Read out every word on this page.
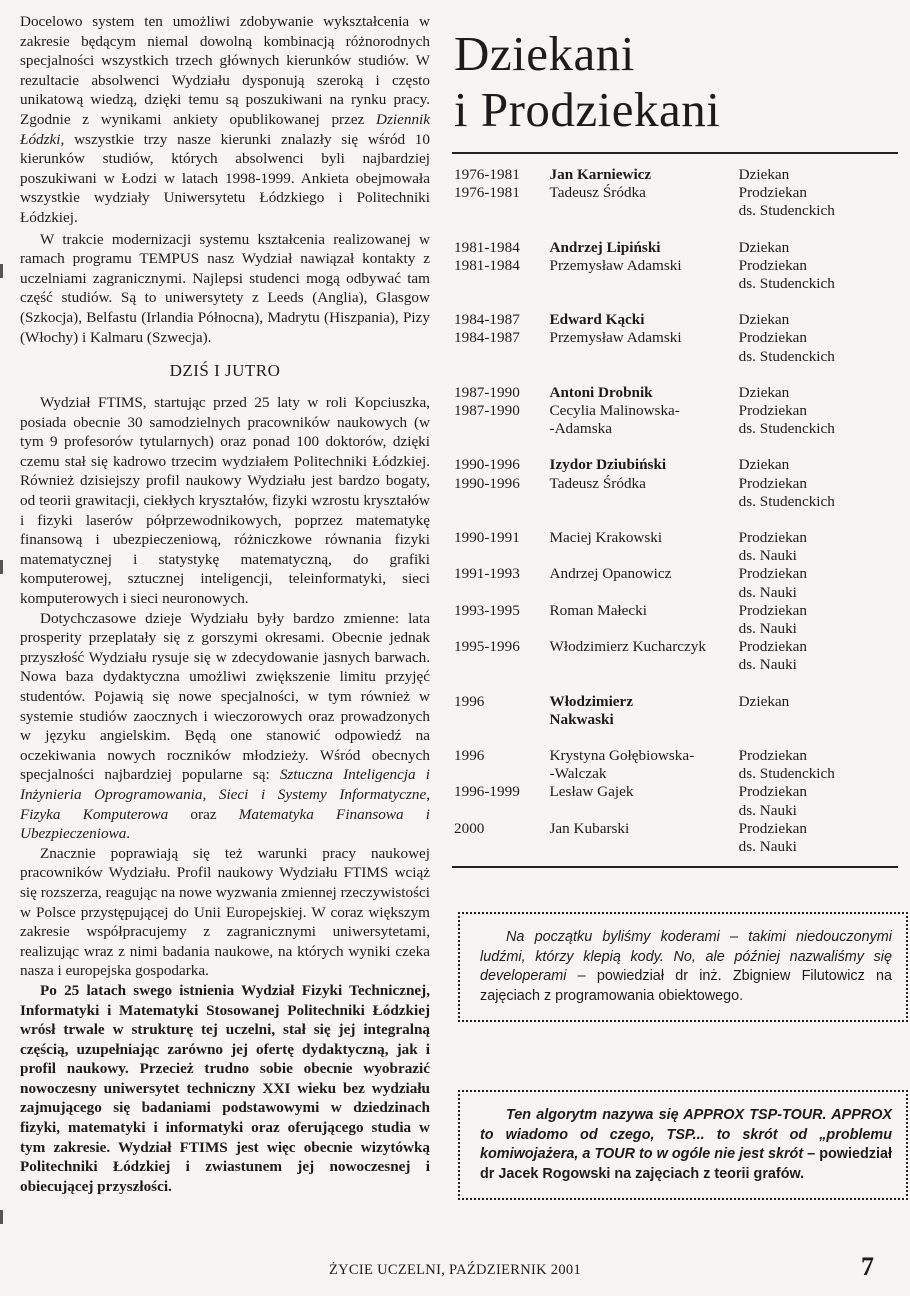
Docelowo system ten umożliwi zdobywanie wykształcenia w zakresie będącym niemal dowolną kombinacją różnorodnych specjalności wszystkich trzech głównych kierunków studiów. W rezultacie absolwenci Wydziału dysponują szeroką i często unikatową wiedzą, dzięki temu są poszukiwani na rynku pracy. Zgodnie z wynikami ankiety opublikowanej przez Dziennik Łódzki, wszystkie trzy nasze kierunki znalazły się wśród 10 kierunków studiów, których absolwenci byli najbardziej poszukiwani w Łodzi w latach 1998-1999. Ankieta obejmowała wszystkie wydziały Uniwersytetu Łódzkiego i Politechniki Łódzkiej.

W trakcie modernizacji systemu kształcenia realizowanej w ramach programu TEMPUS nasz Wydział nawiązał kontakty z uczelniami zagranicznymi. Najlepsi studenci mogą odbywać tam część studiów. Są to uniwersytety z Leeds (Anglia), Glasgow (Szkocja), Belfastu (Irlandia Północna), Madrytu (Hiszpania), Pizy (Włochy) i Kalmaru (Szwecja).

DZIŚ I JUTRO

Wydział FTIMS, startując przed 25 laty w roli Kopciuszka, posiada obecnie 30 samodzielnych pracowników naukowych (w tym 9 profesorów tytularnych) oraz ponad 100 doktorów, dzięki czemu stał się kadrowo trzecim wydziałem Politechniki Łódzkiej. Również dzisiejszy profil naukowy Wydziału jest bardzo bogaty, od teorii grawitacji, ciekłych kryształów, fizyki wzrostu kryształów i fizyki laserów półprzewodnikowych, poprzez matematykę finansową i ubezpieczeniową, różniczkowe równania fizyki matematycznej i statystykę matematyczną, do grafiki komputerowej, sztucznej inteligencji, teleinformatyki, sieci komputerowych i sieci neuronowych.

Dotychczasowe dzieje Wydziału były bardzo zmienne: lata prosperity przeplatały się z gorszymi okresami. Obecnie jednak przyszłość Wydziału rysuje się w zdecydowanie jasnych barwach. Nowa baza dydaktyczna umożliwi zwiększenie limitu przyjęć studentów. Pojawią się nowe specjalności, w tym również w systemie studiów zaocznych i wieczorowych oraz prowadzonych w języku angielskim. Będą one stanowić odpowiedź na oczekiwania nowych roczników młodzieży. Wśród obecnych specjalności najbardziej popularne są: Sztuczna Inteligencja i Inżynieria Oprogramowania, Sieci i Systemy Informatyczne, Fizyka Komputerowa oraz Matematyka Finansowa i Ubezpieczeniowa.

Znacznie poprawiają się też warunki pracy naukowej pracowników Wydziału. Profil naukowy Wydziału FTIMS wciąż się rozszerza, reagując na nowe wyzwania zmiennej rzeczywistości w Polsce przystępującej do Unii Europejskiej. W coraz większym zakresie współpracujemy z zagranicznymi uniwersytetami, realizując wraz z nimi badania naukowe, na których wyniki czeka nasza i europejska gospodarka.

Po 25 latach swego istnienia Wydział Fizyki Technicznej, Informatyki i Matematyki Stosowanej Politechniki Łódzkiej wrósł trwale w strukturę tej uczelni, stał się jej integralną częścią, uzupełniając zarówno jej ofertę dydaktyczną, jak i profil naukowy. Przecież trudno sobie obecnie wyobrazić nowoczesny uniwersytet techniczny XXI wieku bez wydziału zajmującego się badaniami podstawowymi w dziedzinach fizyki, matematyki i informatyki oraz oferującego studia w tym zakresie. Wydział FTIMS jest więc obecnie wizytówką Politechniki Łódzkiej i zwiastunem jej nowoczesnej i obiecującej przyszłości.

Dziekani
i Prodziekani
1976-1981	Jan Karniewicz	Dziekan
1976-1981	Tadeusz Śródka	Prodziekan
		ds. Studenckich

1981-1984	Andrzej Lipiński	Dziekan
1981-1984	Przemysław Adamski	Prodziekan
		ds. Studenckich

1984-1987	Edward Kącki	Dziekan
1984-1987	Przemysław Adamski	Prodziekan
		ds. Studenckich

1987-1990	Antoni Drobnik	Dziekan
1987-1990	Cecylia Malinowska-	Prodziekan
	-Adamska	ds. Studenckich

1990-1996	Izydor Dziubiński	Dziekan
1990-1996	Tadeusz Śródka	Prodziekan
		ds. Studenckich

1990-1991	Maciej Krakowski	Prodziekan
		ds. Nauki
1991-1993	Andrzej Opanowicz	Prodziekan
		ds. Nauki
1993-1995	Roman Małecki	Prodziekan
		ds. Nauki
1995-1996	Włodzimierz Kucharczyk	Prodziekan
		ds. Nauki

1996	Włodzimierz	Dziekan
	Nakwaski	

1996	Krystyna Gołębiowska-	Prodziekan
	-Walczak	ds. Studenckich
1996-1999	Lesław Gajek	Prodziekan
		ds. Nauki
2000	Jan Kubarski	Prodziekan
		ds. Nauki
Na początku byliśmy koderami – takimi niedouczonymi ludźmi, którzy klepią kody. No, ale później nazwaliśmy się developerami – powiedział dr inż. Zbigniew Filutowicz na zajęciach z programowania obiektowego.
Ten algorytm nazywa się APPROX TSP-TOUR. APPROX to wiadomo od czego, TSP... to skrót od „problemu komiwojażera, a TOUR to w ogóle nie jest skrót – powiedział dr Jacek Rogowski na zajęciach z teorii grafów.
ŻYCIE UCZELNI, PAŹDZIERNIK 2001	7
